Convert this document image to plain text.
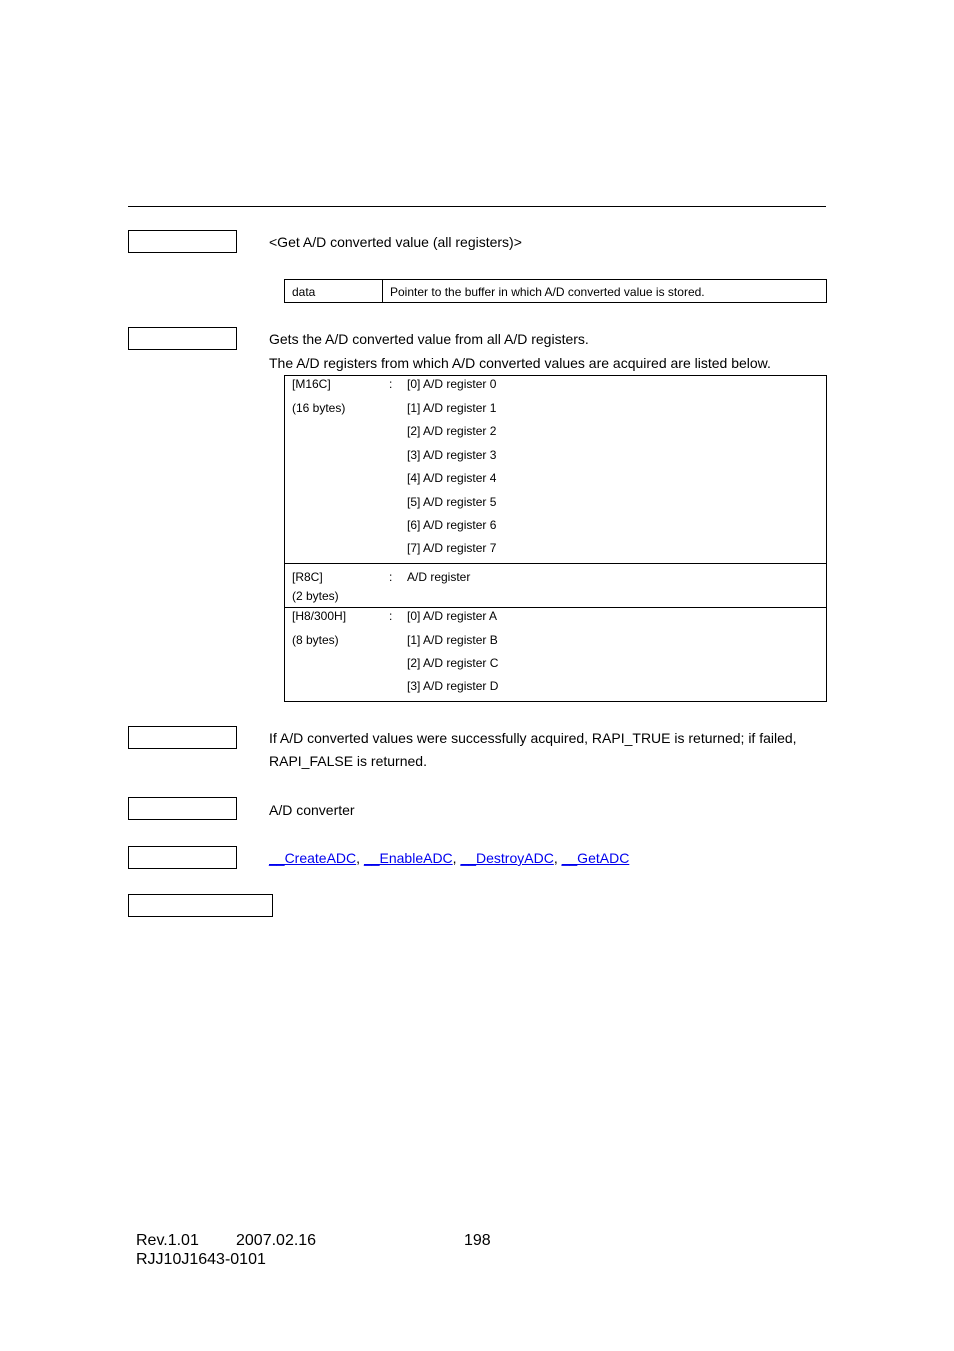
<Get A/D converted value (all registers)>
data	Pointer to the buffer in which A/D converted value is stored.
Gets the A/D converted value from all A/D registers.
The A/D registers from which A/D converted values are acquired are listed below.
[M16C]
(16 bytes)
: [0] A/D register 0
[1] A/D register 1
[2] A/D register 2
[3] A/D register 3
[4] A/D register 4
[5] A/D register 5
[6] A/D register 6
[7] A/D register 7
[R8C]
(2 bytes)
: A/D register
[H8/300H]
(8 bytes)
: [0] A/D register A
[1] A/D register B
[2] A/D register C
[3] A/D register D
If A/D converted values were successfully acquired, RAPI_TRUE is returned; if failed,
RAPI_FALSE is returned.
A/D converter
__CreateADC, __EnableADC, __DestroyADC, __GetADC
Rev.1.01 2007.02.16	198
RJJ10J1643-0101
